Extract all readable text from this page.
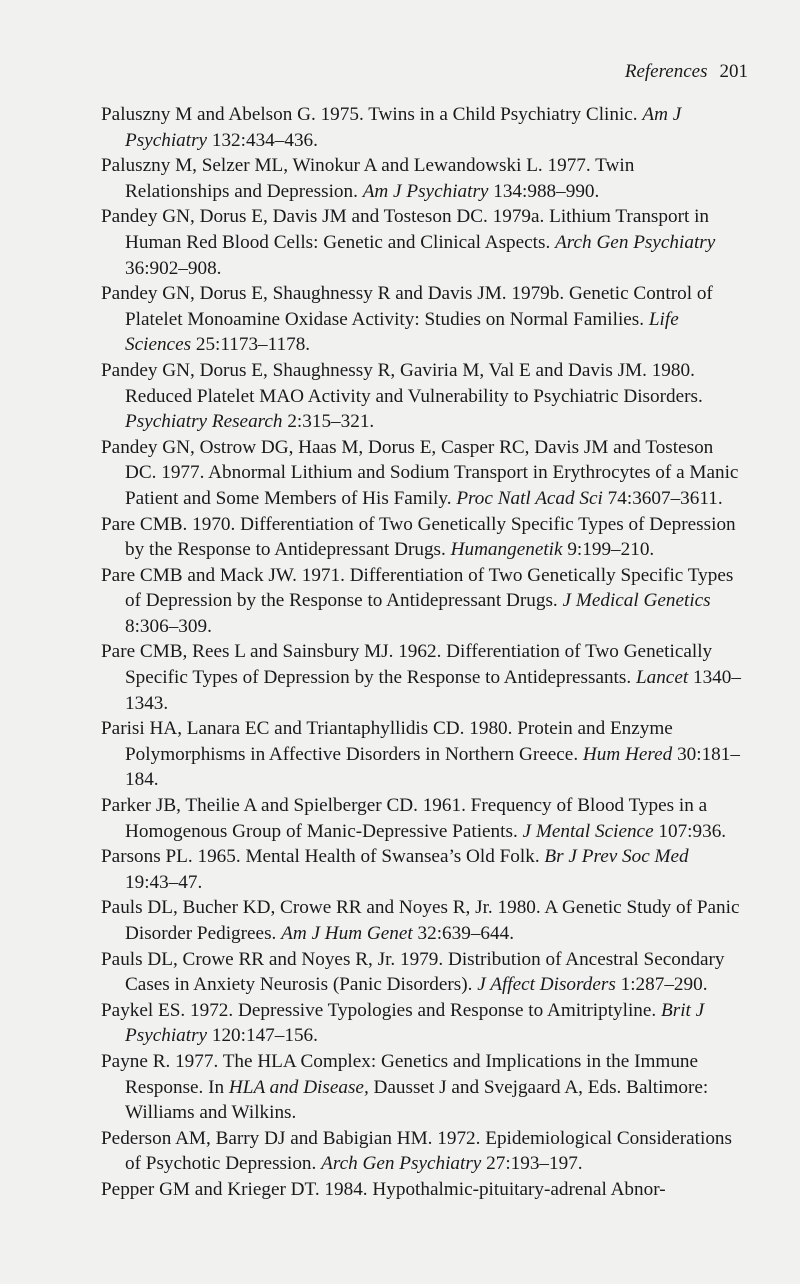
References 201
Paluszny M and Abelson G. 1975. Twins in a Child Psychiatry Clinic. Am J Psychiatry 132:434–436.
Paluszny M, Selzer ML, Winokur A and Lewandowski L. 1977. Twin Relationships and Depression. Am J Psychiatry 134:988–990.
Pandey GN, Dorus E, Davis JM and Tosteson DC. 1979a. Lithium Transport in Human Red Blood Cells: Genetic and Clinical Aspects. Arch Gen Psychiatry 36:902–908.
Pandey GN, Dorus E, Shaughnessy R and Davis JM. 1979b. Genetic Control of Platelet Monoamine Oxidase Activity: Studies on Normal Families. Life Sciences 25:1173–1178.
Pandey GN, Dorus E, Shaughnessy R, Gaviria M, Val E and Davis JM. 1980. Reduced Platelet MAO Activity and Vulnerability to Psychiatric Disorders. Psychiatry Research 2:315–321.
Pandey GN, Ostrow DG, Haas M, Dorus E, Casper RC, Davis JM and Tosteson DC. 1977. Abnormal Lithium and Sodium Transport in Erythrocytes of a Manic Patient and Some Members of His Family. Proc Natl Acad Sci 74:3607–3611.
Pare CMB. 1970. Differentiation of Two Genetically Specific Types of Depression by the Response to Antidepressant Drugs. Humangenetik 9:199–210.
Pare CMB and Mack JW. 1971. Differentiation of Two Genetically Specific Types of Depression by the Response to Antidepressant Drugs. J Medical Genetics 8:306–309.
Pare CMB, Rees L and Sainsbury MJ. 1962. Differentiation of Two Genetically Specific Types of Depression by the Response to Antidepressants. Lancet 1340–1343.
Parisi HA, Lanara EC and Triantaphyllidis CD. 1980. Protein and Enzyme Polymorphisms in Affective Disorders in Northern Greece. Hum Hered 30:181–184.
Parker JB, Theilie A and Spielberger CD. 1961. Frequency of Blood Types in a Homogenous Group of Manic-Depressive Patients. J Mental Science 107:936.
Parsons PL. 1965. Mental Health of Swansea’s Old Folk. Br J Prev Soc Med 19:43–47.
Pauls DL, Bucher KD, Crowe RR and Noyes R, Jr. 1980. A Genetic Study of Panic Disorder Pedigrees. Am J Hum Genet 32:639–644.
Pauls DL, Crowe RR and Noyes R, Jr. 1979. Distribution of Ancestral Secondary Cases in Anxiety Neurosis (Panic Disorders). J Affect Disorders 1:287–290.
Paykel ES. 1972. Depressive Typologies and Response to Amitriptyline. Brit J Psychiatry 120:147–156.
Payne R. 1977. The HLA Complex: Genetics and Implications in the Immune Response. In HLA and Disease, Dausset J and Svejgaard A, Eds. Baltimore: Williams and Wilkins.
Pederson AM, Barry DJ and Babigian HM. 1972. Epidemiological Considerations of Psychotic Depression. Arch Gen Psychiatry 27:193–197.
Pepper GM and Krieger DT. 1984. Hypothalmic-pituitary-adrenal Abnor-
